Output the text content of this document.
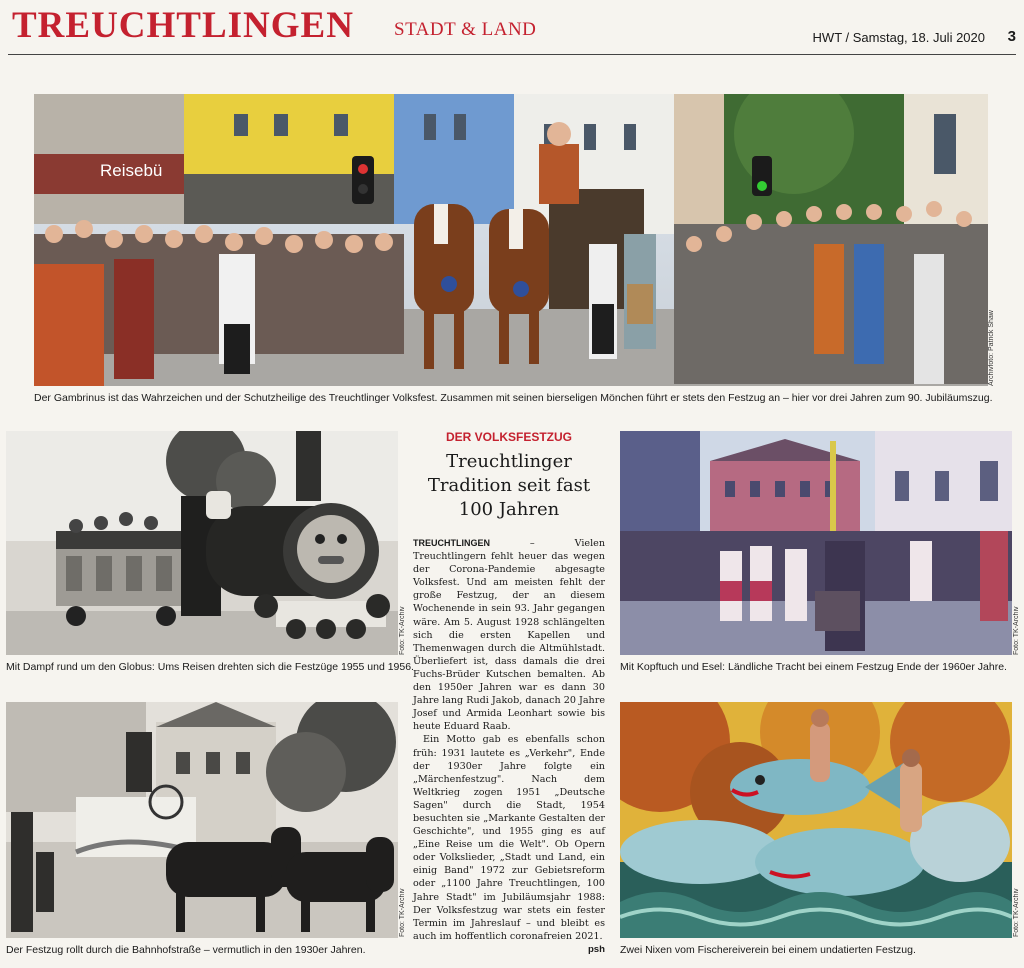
TREUCHTLINGEN STADT & LAND	HWT / Samstag, 18. Juli 2020 3
Reisebü
Archivfoto: Patrick Shaw
Der Gambrinus ist das Wahrzeichen und der Schutzheilige des Treuchtlinger Volksfest. Zusammen mit seinen bierseligen Mönchen führt er stets den Festzug an – hier vor drei Jahren zum 90. Jubiläumszug.
Foto: TK-Archiv
Mit Dampf rund um den Globus: Ums Reisen drehten sich die Festzüge 1955 und 1956.
Foto: TK-Archiv
Mit Kopftuch und Esel: Ländliche Tracht bei einem Festzug Ende der 1960er Jahre.
Foto: TK-Archiv
Der Festzug rollt durch die Bahnhofstraße – vermutlich in den 1930er Jahren.
Foto: TK-Archiv
Zwei Nixen vom Fischereiverein bei einem undatierten Festzug.
DER VOLKSFESTZUG
Treuchtlinger Tradition seit fast 100 Jahren

TREUCHTLINGEN	– Vielen Treuchtlingern fehlt heuer das wegen der Corona-Pandemie abgesagte Volksfest. Und am meisten fehlt der große Festzug, der an diesem Wochenende in sein 93. Jahr gegangen wäre. Am 5. August 1928 schlängelten sich die ersten Kapellen und Themenwagen durch die Altmühlstadt. Überliefert ist, dass damals die drei Fuchs-Brüder Kutschen bemalten. Ab den 1950er Jahren war es dann 30 Jahre lang Rudi Jakob, danach 20 Jahre Josef und Armida Leonhart sowie bis heute Eduard Raab.

Ein Motto gab es ebenfalls schon früh: 1931 lautete es „Verkehr", Ende der 1930er Jahre folgte ein „Märchenfestzug". Nach dem Weltkrieg zogen 1951 „Deutsche Sagen" durch die Stadt, 1954 besuchten sie „Markante Gestalten der Geschichte", und 1955 ging es auf „Eine Reise um die Welt". Ob Opern oder Volkslieder, „Stadt und Land, ein einig Band" 1972 zur Gebietsreform oder „1100 Jahre Treuchtlingen, 100 Jahre Stadt" im Jubiläumsjahr 1988: Der Volksfestzug war stets ein fester Termin im Jahreslauf – und bleibt es auch im hoffentlich coronafreien 2021.
psh
